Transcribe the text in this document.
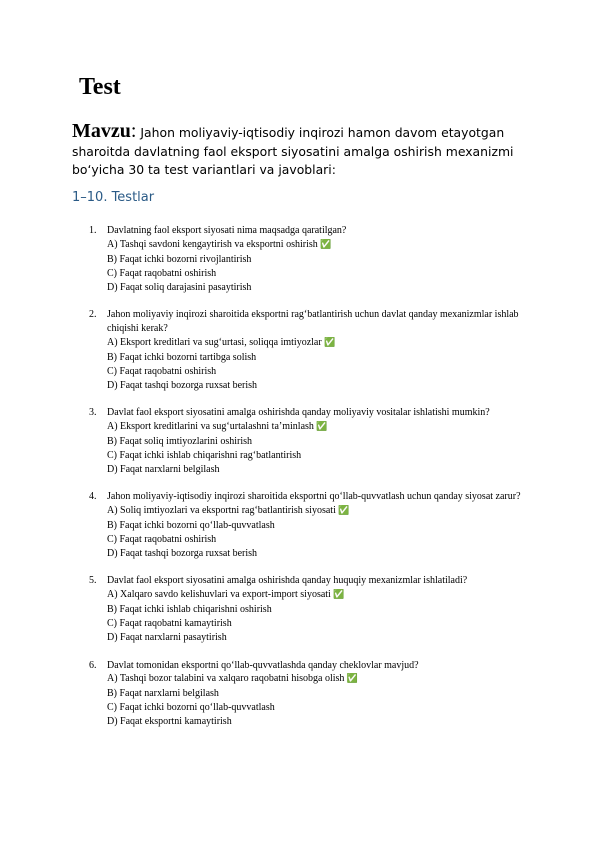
Test
Mavzu: Jahon moliyaviy-iqtisodiy inqirozi hamon davom etayotgan sharoitda davlatning faol eksport siyosatini amalga oshirish mexanizmi bo‘yicha 30 ta test variantlari va javoblari:
1–10. Testlar
1. Davlatning faol eksport siyosati nima maqsadga qaratilgan?
A) Tashqi savdoni kengaytirish va eksportni oshirish ✅
B) Faqat ichki bozorni rivojlantirish
C) Faqat raqobatni oshirish
D) Faqat soliq darajasini pasaytirish
2. Jahon moliyaviy inqirozi sharoitida eksportni rag‘batlantirish uchun davlat qanday mexanizmlar ishlab chiqishi kerak?
A) Eksport kreditlari va sug‘urtasi, soliqqa imtiyozlar ✅
B) Faqat ichki bozorni tartibga solish
C) Faqat raqobatni oshirish
D) Faqat tashqi bozorga ruxsat berish
3. Davlat faol eksport siyosatini amalga oshirishda qanday moliyaviy vositalar ishlatishi mumkin?
A) Eksport kreditlarini va sug‘urtalashni ta’minlash ✅
B) Faqat soliq imtiyozlarini oshirish
C) Faqat ichki ishlab chiqarishni rag‘batlantirish
D) Faqat narxlarni belgilash
4. Jahon moliyaviy-iqtisodiy inqirozi sharoitida eksportni qo‘llab-quvvatlash uchun qanday siyosat zarur?
A) Soliq imtiyozlari va eksportni rag‘batlantirish siyosati ✅
B) Faqat ichki bozorni qo‘llab-quvvatlash
C) Faqat raqobatni oshirish
D) Faqat tashqi bozorga ruxsat berish
5. Davlat faol eksport siyosatini amalga oshirishda qanday huquqiy mexanizmlar ishlatiladi?
A) Xalqaro savdo kelishuvlari va export-import siyosati ✅
B) Faqat ichki ishlab chiqarishni oshirish
C) Faqat raqobatni kamaytirish
D) Faqat narxlarni pasaytirish
6. Davlat tomonidan eksportni qo‘llab-quvvatlashda qanday cheklovlar mavjud?
A) Tashqi bozor talabini va xalqaro raqobatni hisobga olish ✅
B) Faqat narxlarni belgilash
C) Faqat ichki bozorni qo‘llab-quvvatlash
D) Faqat eksportni kamaytirish
